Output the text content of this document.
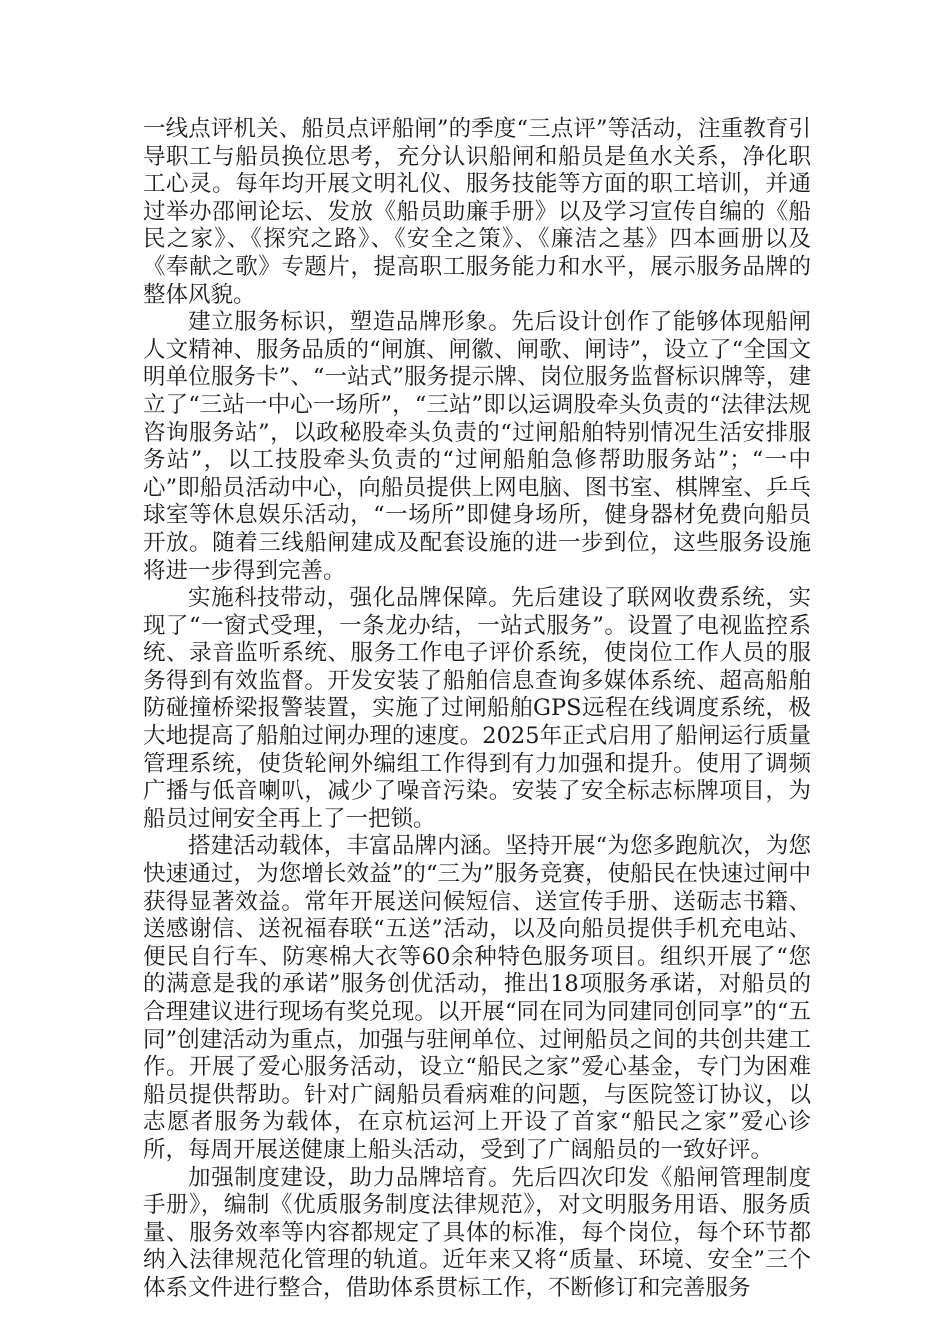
一线点评机关、船员点评船闸”的季度“三点评”等活动，注重教育引导职工与船员换位思考，充分认识船闸和船员是鱼水关系，净化职工心灵。每年均开展文明礼仪、服务技能等方面的职工培训，并通过举办邵闸论坛、发放《船员助廉手册》以及学习宣传自编的《船民之家》、《探究之路》、《安全之策》、《廉洁之基》四本画册以及《奉献之歌》专题片，提高职工服务能力和水平，展示服务品牌的整体风貌。

建立服务标识，塑造品牌形象。先后设计创作了能够体现船闸人文精神、服务品质的“闸旗、闸徽、闸歌、闸诗”，设立了“全国文明单位服务卡”、“一站式”服务提示牌、岗位服务监督标识牌等，建立了“三站一中心一场所”，“三站”即以运调股牵头负责的“法律法规咨询服务站”，以政秘股牵头负责的“过闸船舶特别情况生活安排服务站”，以工技股牵头负责的“过闸船舶急修帮助服务站”；“一中心”即船员活动中心，向船员提供上网电脑、图书室、棋牌室、乒乓球室等休息娱乐活动，“一场所”即健身场所，健身器材免费向船员开放。随着三线船闸建成及配套设施的进一步到位，这些服务设施将进一步得到完善。

实施科技带动，强化品牌保障。先后建设了联网收费系统，实现了“一窗式受理，一条龙办结，一站式服务”。设置了电视监控系统、录音监听系统、服务工作电子评价系统，使岗位工作人员的服务得到有效监督。开发安装了船舶信息查询多媒体系统、超高船舶防碰撞桥梁报警装置，实施了过闸船舶GPS远程在线调度系统，极大地提高了船舶过闸办理的速度。2025年正式启用了船闸运行质量管理系统，使货轮闸外编组工作得到有力加强和提升。使用了调频广播与低音喇叭，减少了噪音污染。安装了安全标志标牌项目，为船员过闸安全再上了一把锁。

搭建活动载体，丰富品牌内涵。坚持开展“为您多跑航次，为您快速通过，为您增长效益”的“三为”服务竞赛，使船民在快速过闸中获得显著效益。常年开展送问候短信、送宣传手册、送砺志书籍、送感谢信、送祝福春联“五送”活动，以及向船员提供手机充电站、便民自行车、防寒棉大衣等60余种特色服务项目。组织开展了“您的满意是我的承诺”服务创优活动，推出18项服务承诺，对船员的合理建议进行现场有奖兑现。以开展“同在同为同建同创同享”的“五同”创建活动为重点，加强与驻闸单位、过闸船员之间的共创共建工作。开展了爱心服务活动，设立“船民之家”爱心基金，专门为困难船员提供帮助。针对广阔船员看病难的问题，与医院签订协议，以志愿者服务为载体，在京杭运河上开设了首家“船民之家”爱心诊所，每周开展送健康上船头活动，受到了广阔船员的一致好评。

加强制度建设，助力品牌培育。先后四次印发《船闸管理制度手册》，编制《优质服务制度法律规范》，对文明服务用语、服务质量、服务效率等内容都规定了具体的标准，每个岗位，每个环节都纳入法律规范化管理的轨道。近年来又将“质量、环境、安全”三个体系文件进行整合，借助体系贯标工作，不断修订和完善服务
